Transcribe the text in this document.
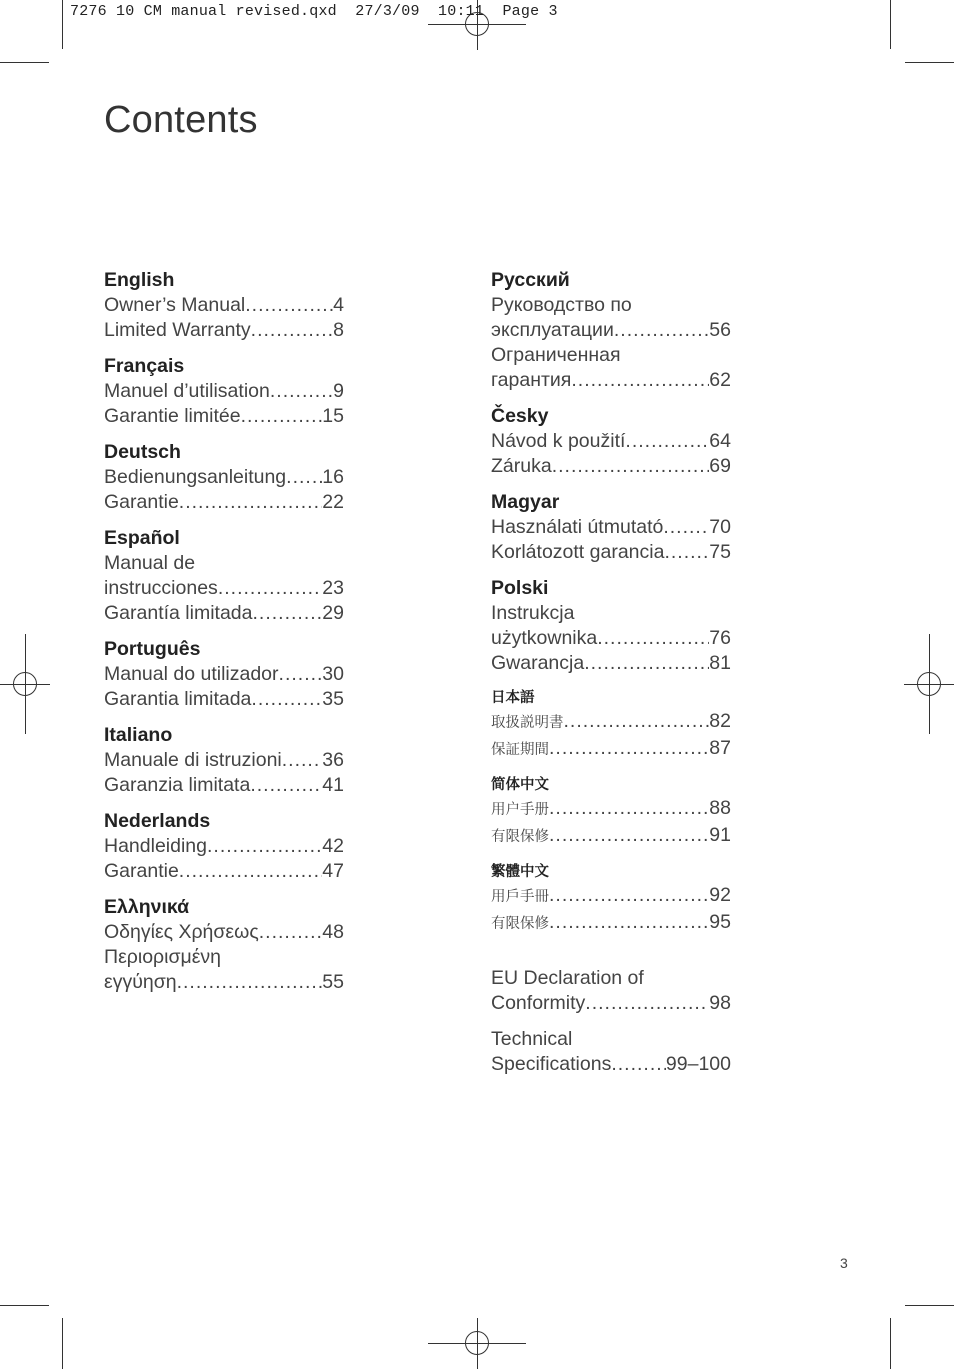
7276 10 CM manual revised.qxd  27/3/09  10:11  Page 3
Contents
English
Owner’s Manual .....	4
Limited Warranty .....	8
Français
Manuel d’utilisation .....	9
Garantie limitée .....	15
Deutsch
Bedienungsanleitung ..... 16
Garantie .....	22
Español
Manual de
instrucciones .....	23
Garantía limitada .....	29
Português
Manual do utilizador ..... 30
Garantia limitada .....	35
Italiano
Manuale di istruzioni ..... 36
Garanzia limitata .....	41
Nederlands
Handleiding .....	42
Garantie .....	47
Ελληνικά
Οδηγίες Χρήσεως .....	48
Περιορισμένη
εγγύηση .....	55
Русский
Руководство по
эксплуатации .....	56
Ограниченная
гарантия .....	62
Česky
Návod k použití .....	64
Záruka .....	69
Magyar
Használati útmutató ..... 70
Korlátozott garancia ..... 75
Polski
Instrukcja
użytkownika .....	76
Gwarancja .....	81
日本語
取扱説明書 .....	82
保証期間 .....	87
简体中文
用户手册 .....	88
有限保修 .....	91
繁體中文
用戶手冊 .....	92
有限保修 .....	95
EU Declaration of
Conformity .....	98
Technical
Specifications .....	99–100
3
